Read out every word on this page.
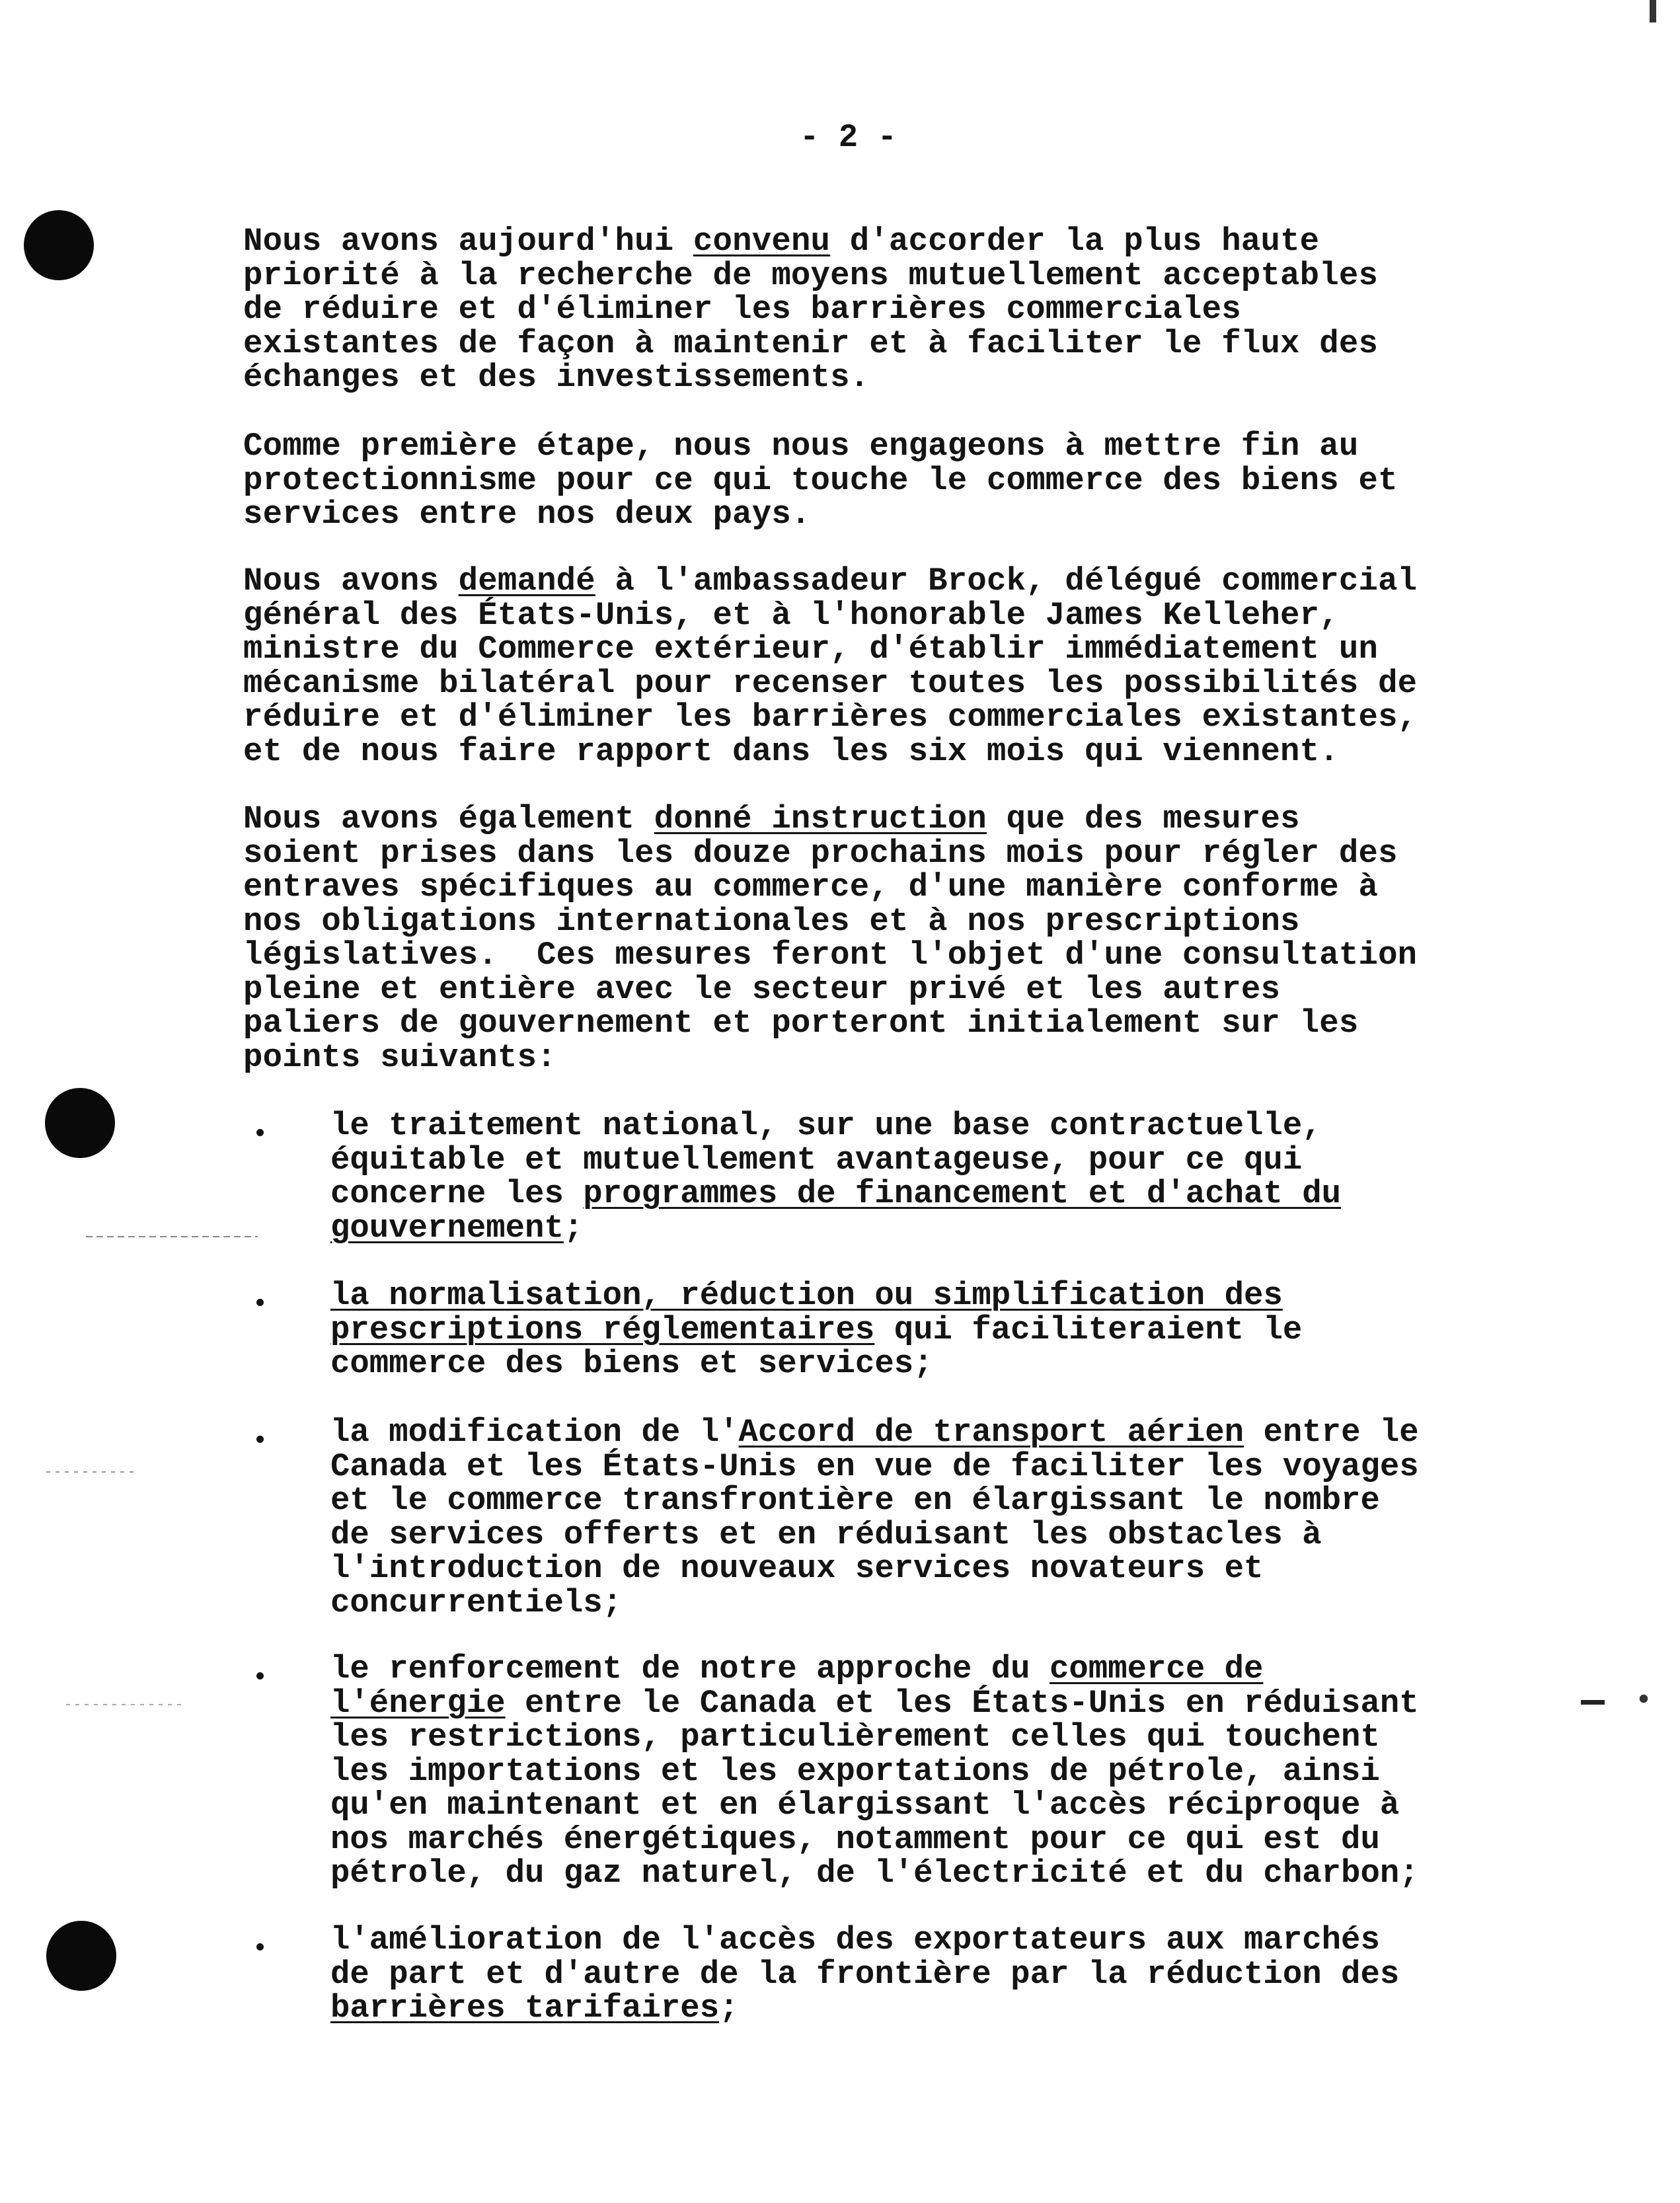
- 2 -
Nous avons aujourd'hui convenu d'accorder la plus haute
priorité à la recherche de moyens mutuellement acceptables
de réduire et d'éliminer les barrières commerciales
existantes de façon à maintenir et à faciliter le flux des
échanges et des investissements.
Comme première étape, nous nous engageons à mettre fin au
protectionnisme pour ce qui touche le commerce des biens et
services entre nos deux pays.
Nous avons demandé à l'ambassadeur Brock, délégué commercial
général des États-Unis, et à l'honorable James Kelleher,
ministre du Commerce extérieur, d'établir immédiatement un
mécanisme bilatéral pour recenser toutes les possibilités de
réduire et d'éliminer les barrières commerciales existantes,
et de nous faire rapport dans les six mois qui viennent.
Nous avons également donné instruction que des mesures
soient prises dans les douze prochains mois pour régler des
entraves spécifiques au commerce, d'une manière conforme à
nos obligations internationales et à nos prescriptions
législatives.  Ces mesures feront l'objet d'une consultation
pleine et entière avec le secteur privé et les autres
paliers de gouvernement et porteront initialement sur les
points suivants:
le traitement national, sur une base contractuelle,
équitable et mutuellement avantageuse, pour ce qui
concerne les programmes de financement et d'achat du
gouvernement;
la normalisation, réduction ou simplification des
prescriptions réglementaires qui faciliteraient le
commerce des biens et services;
la modification de l'Accord de transport aérien entre le
Canada et les États-Unis en vue de faciliter les voyages
et le commerce transfrontière en élargissant le nombre
de services offerts et en réduisant les obstacles à
l'introduction de nouveaux services novateurs et
concurrentiels;
le renforcement de notre approche du commerce de
l'énergie entre le Canada et les États-Unis en réduisant
les restrictions, particulièrement celles qui touchent
les importations et les exportations de pétrole, ainsi
qu'en maintenant et en élargissant l'accès réciproque à
nos marchés énergétiques, notamment pour ce qui est du
pétrole, du gaz naturel, de l'électricité et du charbon;
l'amélioration de l'accès des exportateurs aux marchés
de part et d'autre de la frontière par la réduction des
barrières tarifaires;
